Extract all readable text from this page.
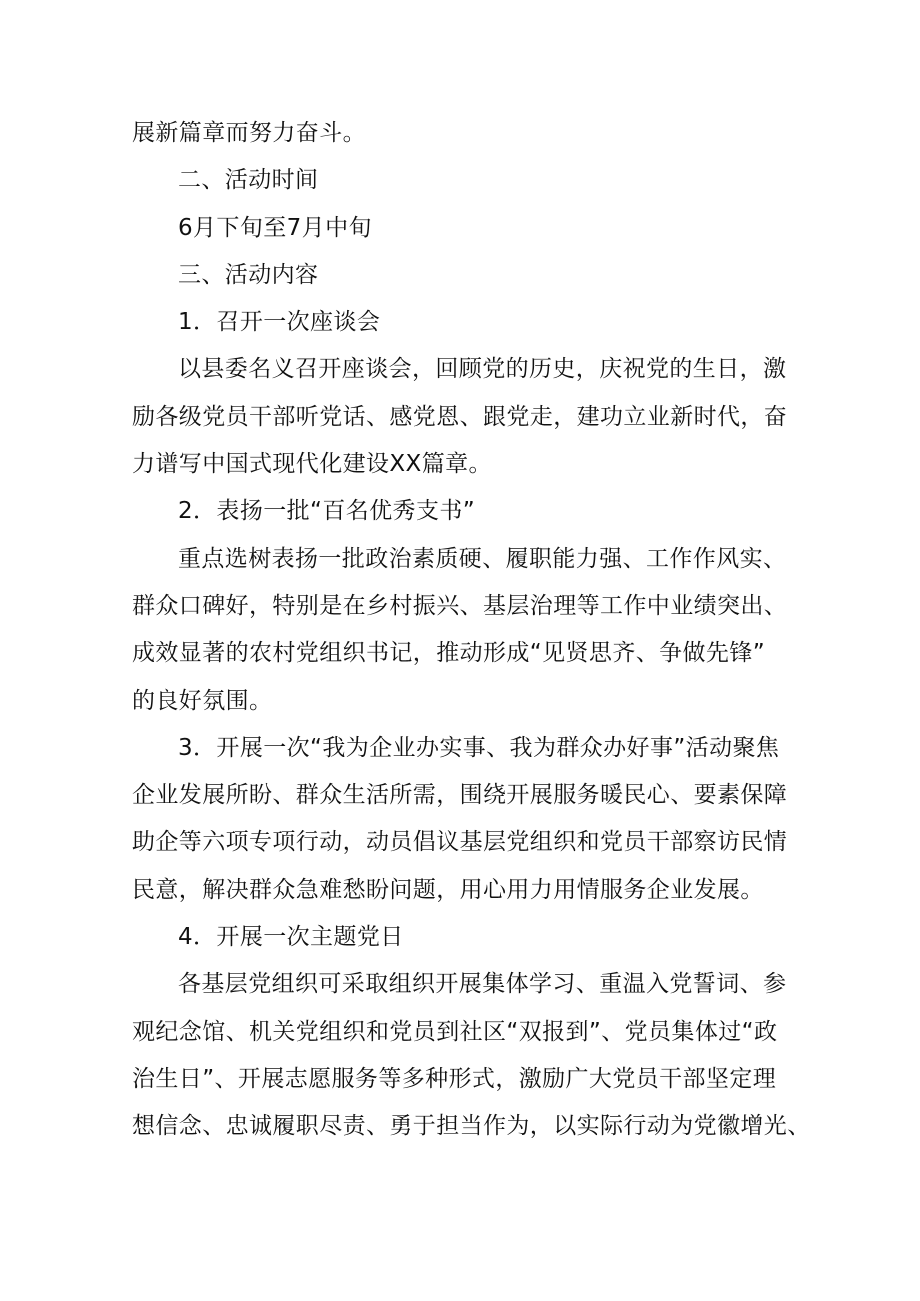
展新篇章而努力奋斗。
二、活动时间
6月下旬至7月中旬
三、活动内容
1．召开一次座谈会
以县委名义召开座谈会，回顾党的历史，庆祝党的生日，激
励各级党员干部听党话、感党恩、跟党走，建功立业新时代，奋
力谱写中国式现代化建设XX篇章。
2．表扬一批“百名优秀支书”
重点选树表扬一批政治素质硬、履职能力强、工作作风实、
群众口碑好，特别是在乡村振兴、基层治理等工作中业绩突出、
成效显著的农村党组织书记，推动形成“见贤思齐、争做先锋”
的良好氛围。
3．开展一次“我为企业办实事、我为群众办好事”活动聚焦
企业发展所盼、群众生活所需，围绕开展服务暖民心、要素保障
助企等六项专项行动，动员倡议基层党组织和党员干部察访民情
民意，解决群众急难愁盼问题，用心用力用情服务企业发展。
4．开展一次主题党日
各基层党组织可采取组织开展集体学习、重温入党誓词、参
观纪念馆、机关党组织和党员到社区“双报到”、党员集体过“政
治生日”、开展志愿服务等多种形式，激励广大党员干部坚定理
想信念、忠诚履职尽责、勇于担当作为，以实际行动为党徽增光、
